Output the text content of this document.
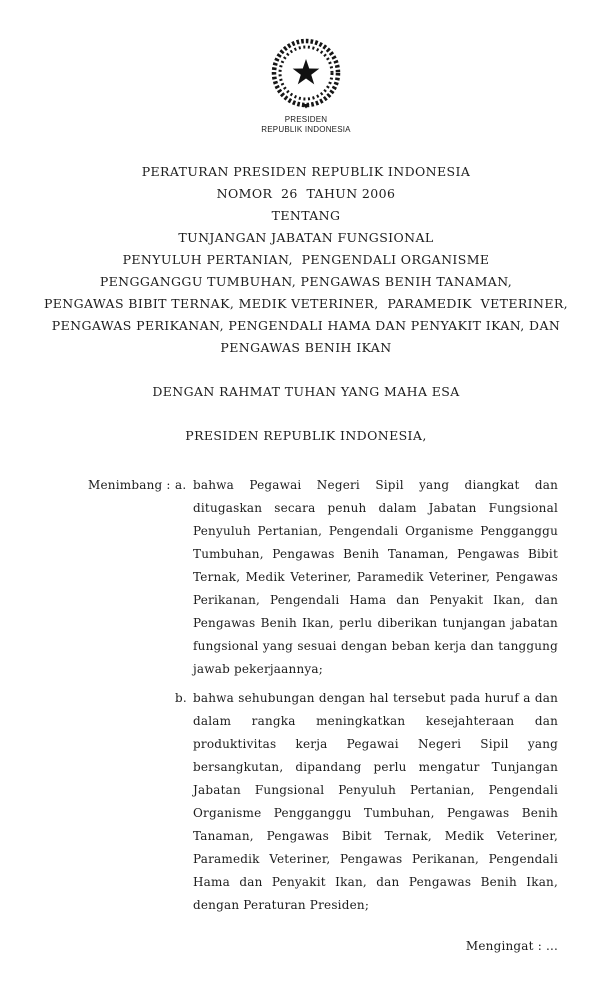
PRESIDEN
REPUBLIK INDONESIA

PERATURAN PRESIDEN REPUBLIK INDONESIA

NOMOR  26  TAHUN 2006

TENTANG

TUNJANGAN JABATAN FUNGSIONAL

PENYULUH PERTANIAN,  PENGENDALI ORGANISME

PENGGANGGU TUMBUHAN, PENGAWAS BENIH TANAMAN,

PENGAWAS BIBIT TERNAK, MEDIK VETERINER,  PARAMEDIK  VETERINER,

PENGAWAS PERIKANAN, PENGENDALI HAMA DAN PENYAKIT IKAN, DAN

PENGAWAS BENIH IKAN

DENGAN RAHMAT TUHAN YANG MAHA ESA

PRESIDEN REPUBLIK INDONESIA,

Menimbang : a. bahwa Pegawai Negeri Sipil yang diangkat dan ditugaskan secara penuh dalam Jabatan Fungsional Penyuluh Pertanian, Pengendali Organisme Pengganggu Tumbuhan, Pengawas Benih Tanaman, Pengawas Bibit Ternak, Medik Veteriner, Paramedik Veteriner, Pengawas Perikanan, Pengendali Hama dan Penyakit Ikan, dan Pengawas Benih Ikan, perlu diberikan tunjangan jabatan fungsional yang sesuai dengan beban kerja dan tanggung jawab pekerjaannya;
b. bahwa sehubungan dengan hal tersebut pada huruf a dan dalam rangka meningkatkan kesejahteraan dan produktivitas kerja Pegawai Negeri Sipil yang bersangkutan, dipandang perlu mengatur Tunjangan Jabatan Fungsional Penyuluh Pertanian, Pengendali Organisme Pengganggu Tumbuhan, Pengawas Benih Tanaman, Pengawas Bibit Ternak, Medik Veteriner, Paramedik Veteriner, Pengawas Perikanan, Pengendali Hama dan Penyakit Ikan, dan Pengawas Benih Ikan, dengan Peraturan Presiden;
Mengingat : ...
